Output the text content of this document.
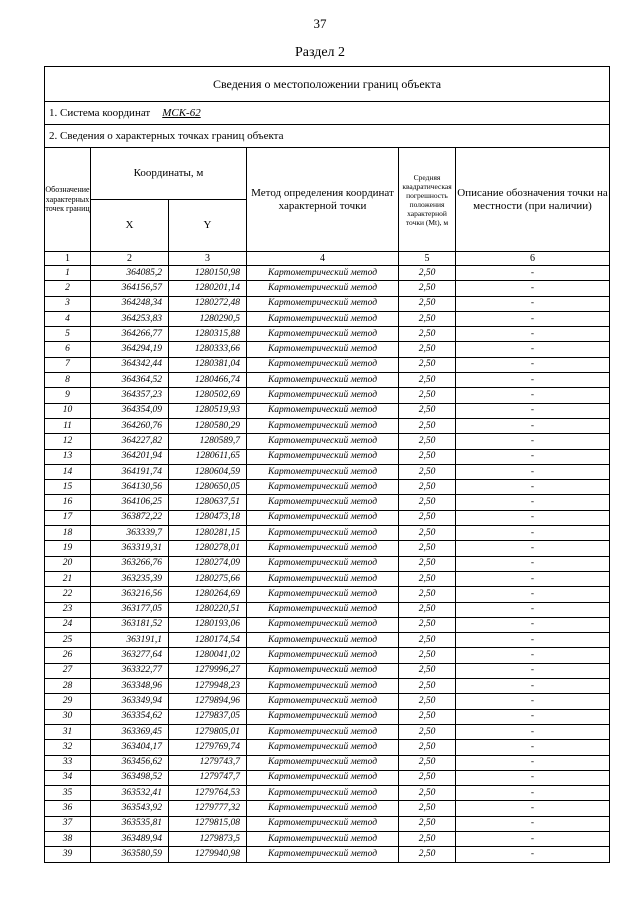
37
Раздел 2
Сведения о местоположении границ объекта					
1. Система координат МСК-62					
2. Сведения о характерных точках границ объекта					
Обозначение характерных точек границ	Координаты, м		Метод определения координат характерной точки	Средняя квадратическая погрешность положения характерной точки (Mt), м	Описание обозначения точки на местности (при наличии)
	X	Y			
1	2	3	4	5	6
1	364085,2	1280150,98	Картометрический метод	2,50	-
2	364156,57	1280201,14	Картометрический метод	2,50	-
3	364248,34	1280272,48	Картометрический метод	2,50	-
4	364253,83	1280290,5	Картометрический метод	2,50	-
5	364266,77	1280315,88	Картометрический метод	2,50	-
6	364294,19	1280333,66	Картометрический метод	2,50	-
7	364342,44	1280381,04	Картометрический метод	2,50	-
8	364364,52	1280466,74	Картометрический метод	2,50	-
9	364357,23	1280502,69	Картометрический метод	2,50	-
10	364354,09	1280519,93	Картометрический метод	2,50	-
11	364260,76	1280580,29	Картометрический метод	2,50	-
12	364227,82	1280589,7	Картометрический метод	2,50	-
13	364201,94	1280611,65	Картометрический метод	2,50	-
14	364191,74	1280604,59	Картометрический метод	2,50	-
15	364130,56	1280650,05	Картометрический метод	2,50	-
16	364106,25	1280637,51	Картометрический метод	2,50	-
17	363872,22	1280473,18	Картометрический метод	2,50	-
18	363339,7	1280281,15	Картометрический метод	2,50	-
19	363319,31	1280278,01	Картометрический метод	2,50	-
20	363266,76	1280274,09	Картометрический метод	2,50	-
21	363235,39	1280275,66	Картометрический метод	2,50	-
22	363216,56	1280264,69	Картометрический метод	2,50	-
23	363177,05	1280220,51	Картометрический метод	2,50	-
24	363181,52	1280193,06	Картометрический метод	2,50	-
25	363191,1	1280174,54	Картометрический метод	2,50	-
26	363277,64	1280041,02	Картометрический метод	2,50	-
27	363322,77	1279996,27	Картометрический метод	2,50	-
28	363348,96	1279948,23	Картометрический метод	2,50	-
29	363349,94	1279894,96	Картометрический метод	2,50	-
30	363354,62	1279837,05	Картометрический метод	2,50	-
31	363369,45	1279805,01	Картометрический метод	2,50	-
32	363404,17	1279769,74	Картометрический метод	2,50	-
33	363456,62	1279743,7	Картометрический метод	2,50	-
34	363498,52	1279747,7	Картометрический метод	2,50	-
35	363532,41	1279764,53	Картометрический метод	2,50	-
36	363543,92	1279777,32	Картометрический метод	2,50	-
37	363535,81	1279815,08	Картометрический метод	2,50	-
38	363489,94	1279873,5	Картометрический метод	2,50	-
39	363580,59	1279940,98	Картометрический метод	2,50	-
